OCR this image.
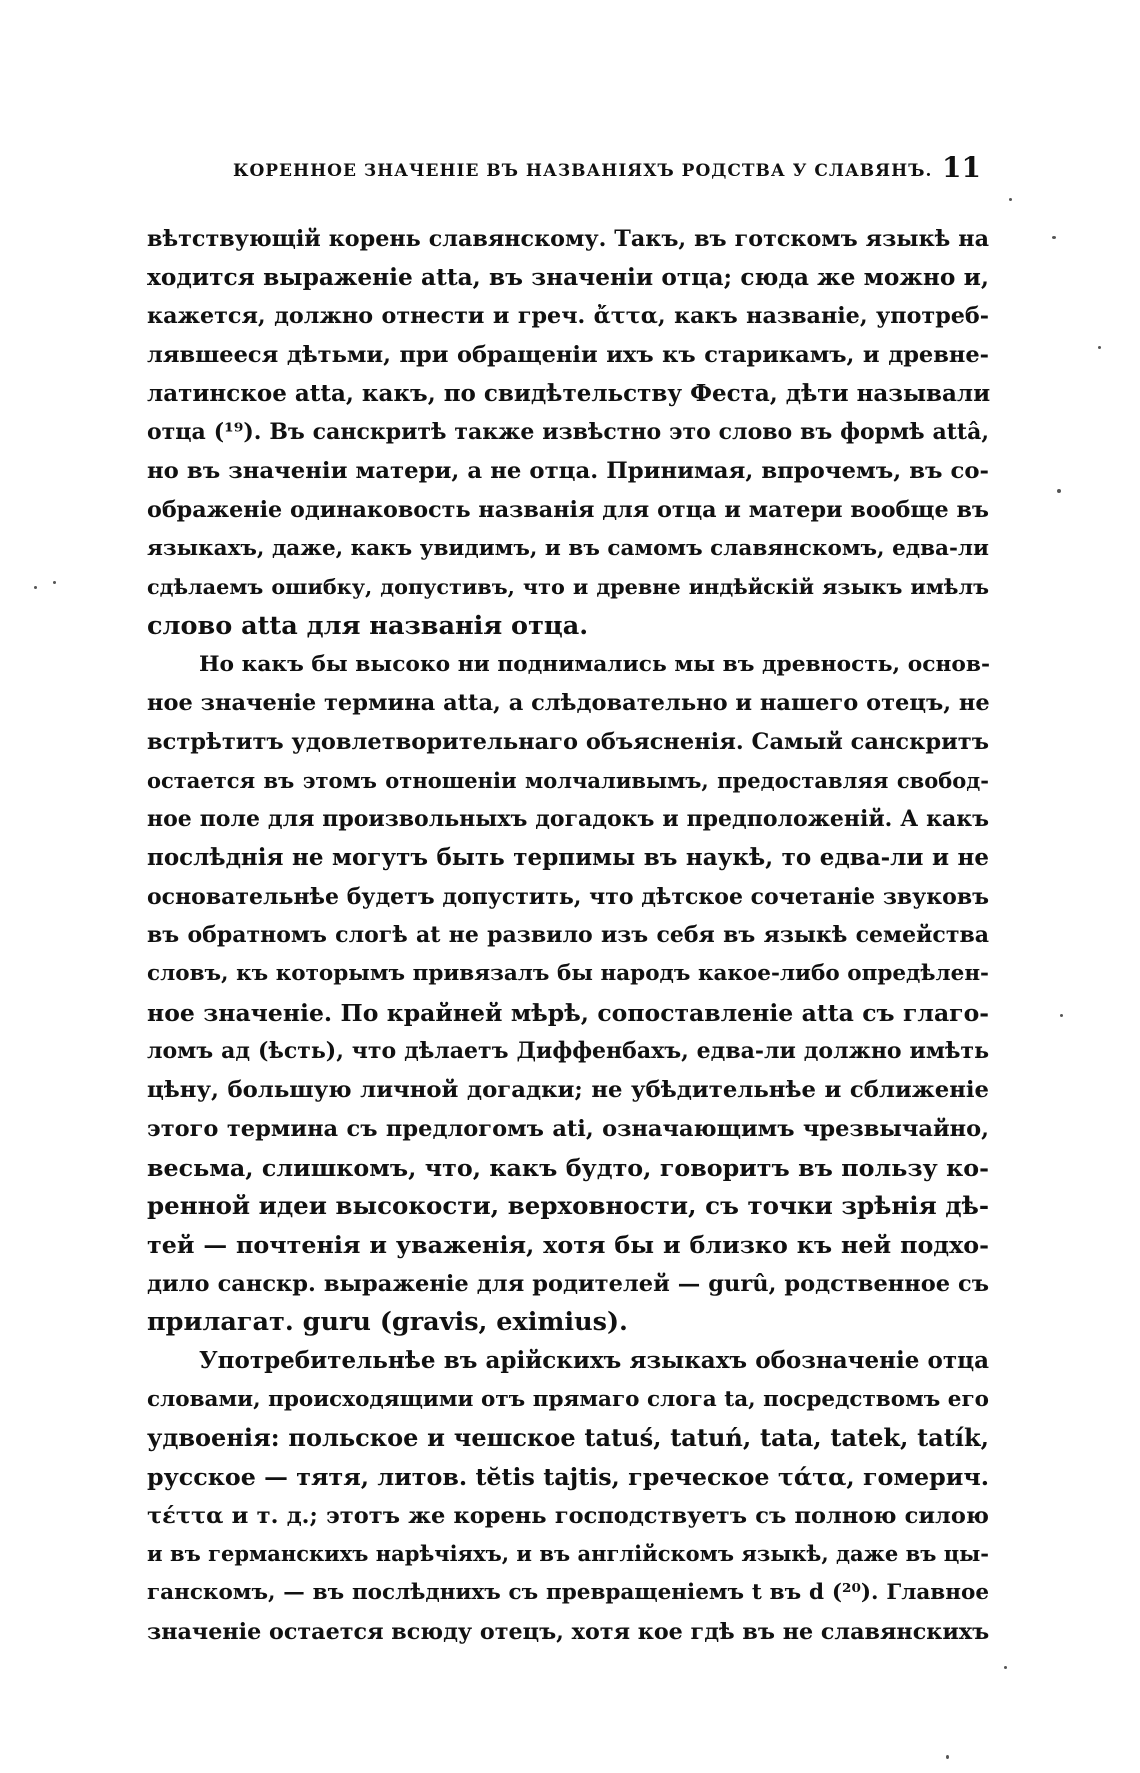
КОРЕННОЕ ЗНАЧЕНІЕ ВЪ НАЗВАНІЯХЪ РОДСТВА У СЛАВЯНЪ. 11
вѣтствующій корень славянскому. Такъ, въ готскомъ языкѣ на
ходится выраженіе atta, въ значеніи отца; сюда же можно и,
кажется, должно отнести и греч. ἄττα, какъ названіе, употреб-
лявшееся дѣтьми, при обращеніи ихъ къ старикамъ, и древне-
латинское atta, какъ, по свидѣтельству Феста, дѣти называли
отца (¹⁹). Въ санскритѣ также извѣстно это слово въ формѣ attâ,
но въ значеніи матери, а не отца. Принимая, впрочемъ, въ со-
ображеніе одинаковость названія для отца и матери вообще въ
языкахъ, даже, какъ увидимъ, и въ самомъ славянскомъ, едва-ли
сдѣлаемъ ошибку, допустивъ, что и древне индѣйскій языкъ имѣлъ
слово atta для названія отца.
Но какъ бы высоко ни поднимались мы въ древность, основ-
ное значеніе термина atta, а слѣдовательно и нашего отецъ, не
встрѣтитъ удовлетворительнаго объясненія. Самый санскритъ
остается въ этомъ отношеніи молчаливымъ, предоставляя свобод-
ное поле для произвольныхъ догадокъ и предположеній. А какъ
послѣднія не могутъ быть терпимы въ наукѣ, то едва-ли и не
основательнѣе будетъ допустить, что дѣтское сочетаніе звуковъ
въ обратномъ слогѣ at не развило изъ себя въ языкѣ семейства
словъ, къ которымъ привязалъ бы народъ какое-либо опредѣлен-
ное значеніе. По крайней мѣрѣ, сопоставленіе atta съ глаго-
ломъ ад (ѣсть), что дѣлаетъ Диффенбахъ, едва-ли должно имѣть
цѣну, большую личной догадки; не убѣдительнѣе и сближеніе
этого термина съ предлогомъ ati, означающимъ чрезвычайно,
весьма, слишкомъ, что, какъ будто, говоритъ въ пользу ко-
ренной идеи высокости, верховности, съ точки зрѣнія дѣ-
тей — почтенія и уваженія, хотя бы и близко къ ней подхо-
дило санскр. выраженіе для родителей — gurû, родственное съ
прилагат. guru (gravis, eximius).
Употребительнѣе въ арійскихъ языкахъ обозначеніе отца
словами, происходящими отъ прямаго слога ta, посредствомъ его
удвоенія: польское и чешское tatuś, tatuń, tata, tatek, tatík,
русское — тятя, литов. tĕtis tajtis, греческое τάτα, гомерич.
τέττα и т. д.; этотъ же корень господствуетъ съ полною силою
и въ германскихъ нарѣчіяхъ, и въ англійскомъ языкѣ, даже въ цы-
ганскомъ, — въ послѣднихъ съ превращеніемъ t въ d (²⁰). Главное
значеніе остается всюду отецъ, хотя кое гдѣ въ не славянскихъ
